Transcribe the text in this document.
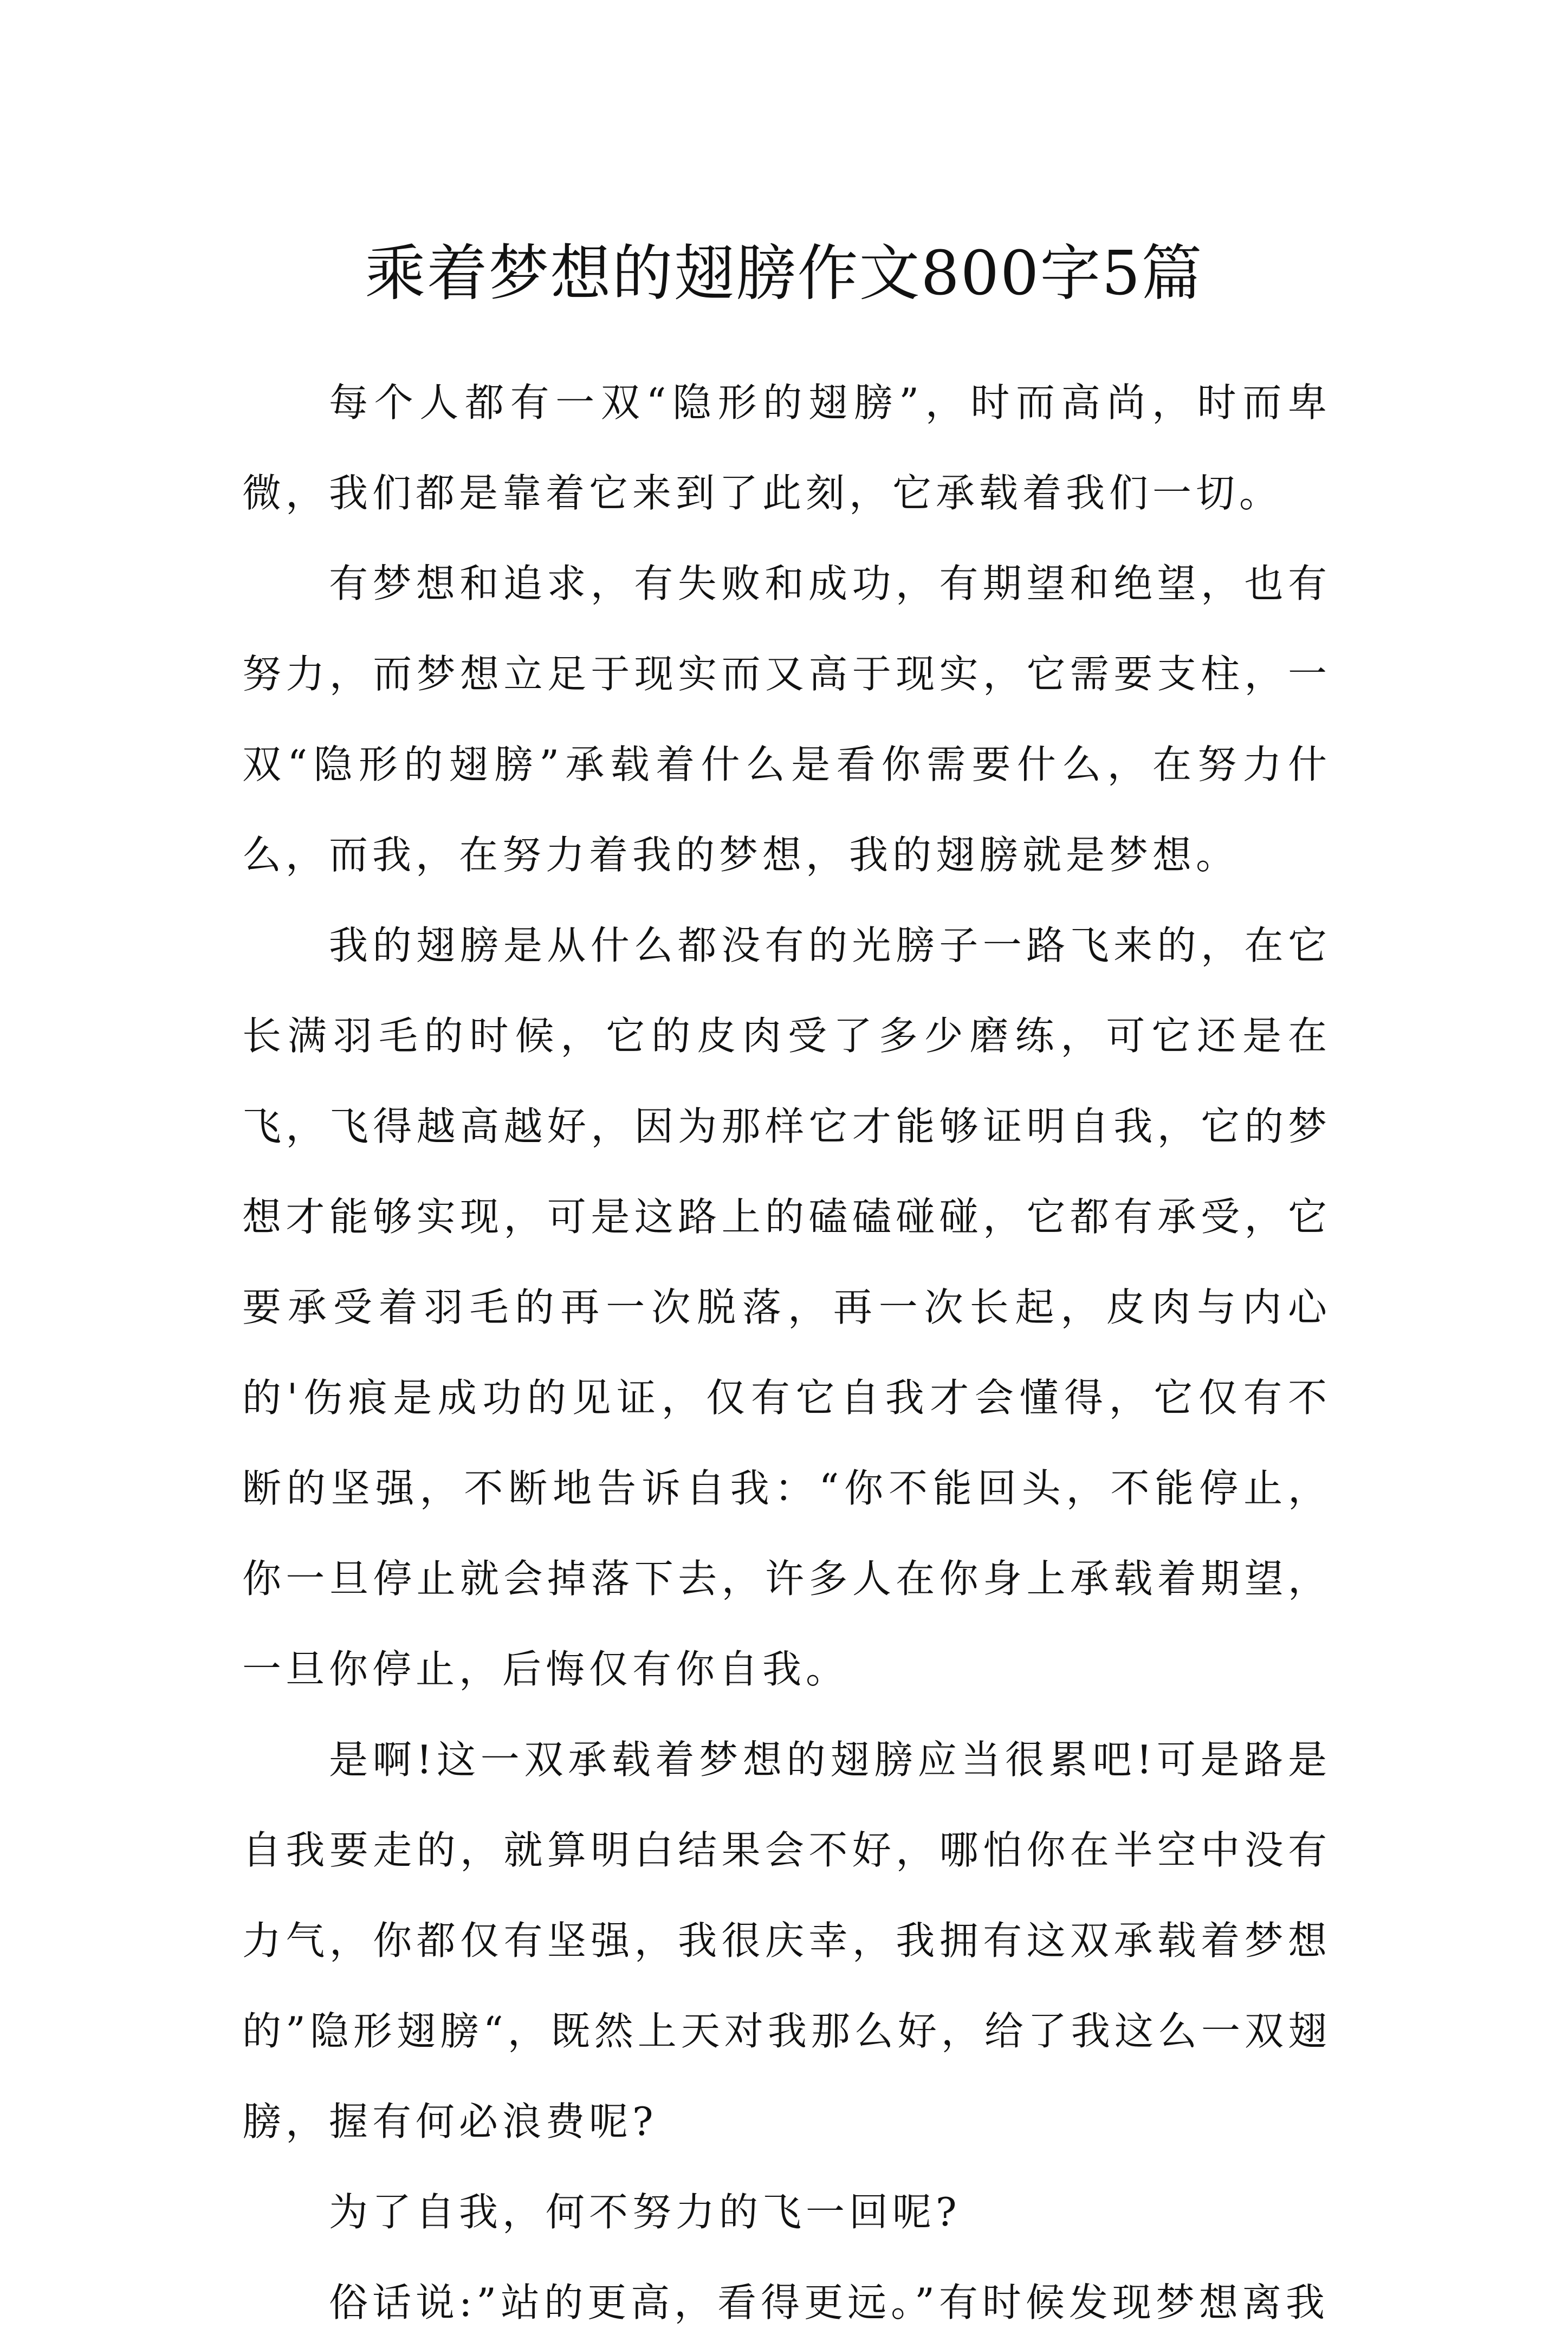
乘着梦想的翅膀作文800字5篇

每个人都有一双“隐形的翅膀”，时而高尚，时而卑微，我们都是靠着它来到了此刻，它承载着我们一切。

有梦想和追求，有失败和成功，有期望和绝望，也有努力，而梦想立足于现实而又高于现实，它需要支柱，一双“隐形的翅膀”承载着什么是看你需要什么，在努力什么，而我，在努力着我的梦想，我的翅膀就是梦想。

我的翅膀是从什么都没有的光膀子一路飞来的，在它长满羽毛的时候，它的皮肉受了多少磨练，可它还是在飞，飞得越高越好，因为那样它才能够证明自我，它的梦想才能够实现，可是这路上的磕磕碰碰，它都有承受，它要承受着羽毛的再一次脱落，再一次长起，皮肉与内心的'伤痕是成功的见证，仅有它自我才会懂得，它仅有不断的坚强，不断地告诉自我：“你不能回头，不能停止，你一旦停止就会掉落下去，许多人在你身上承载着期望，一旦你停止，后悔仅有你自我。

是啊!这一双承载着梦想的翅膀应当很累吧!可是路是自我要走的，就算明白结果会不好，哪怕你在半空中没有力气，你都仅有坚强，我很庆幸，我拥有这双承载着梦想的”隐形翅膀“，既然上天对我那么好，给了我这么一双翅膀，握有何必浪费呢?

为了自我，何不努力的飞一回呢?

俗话说:”站的更高，看得更远。”有时候发现梦想离我
